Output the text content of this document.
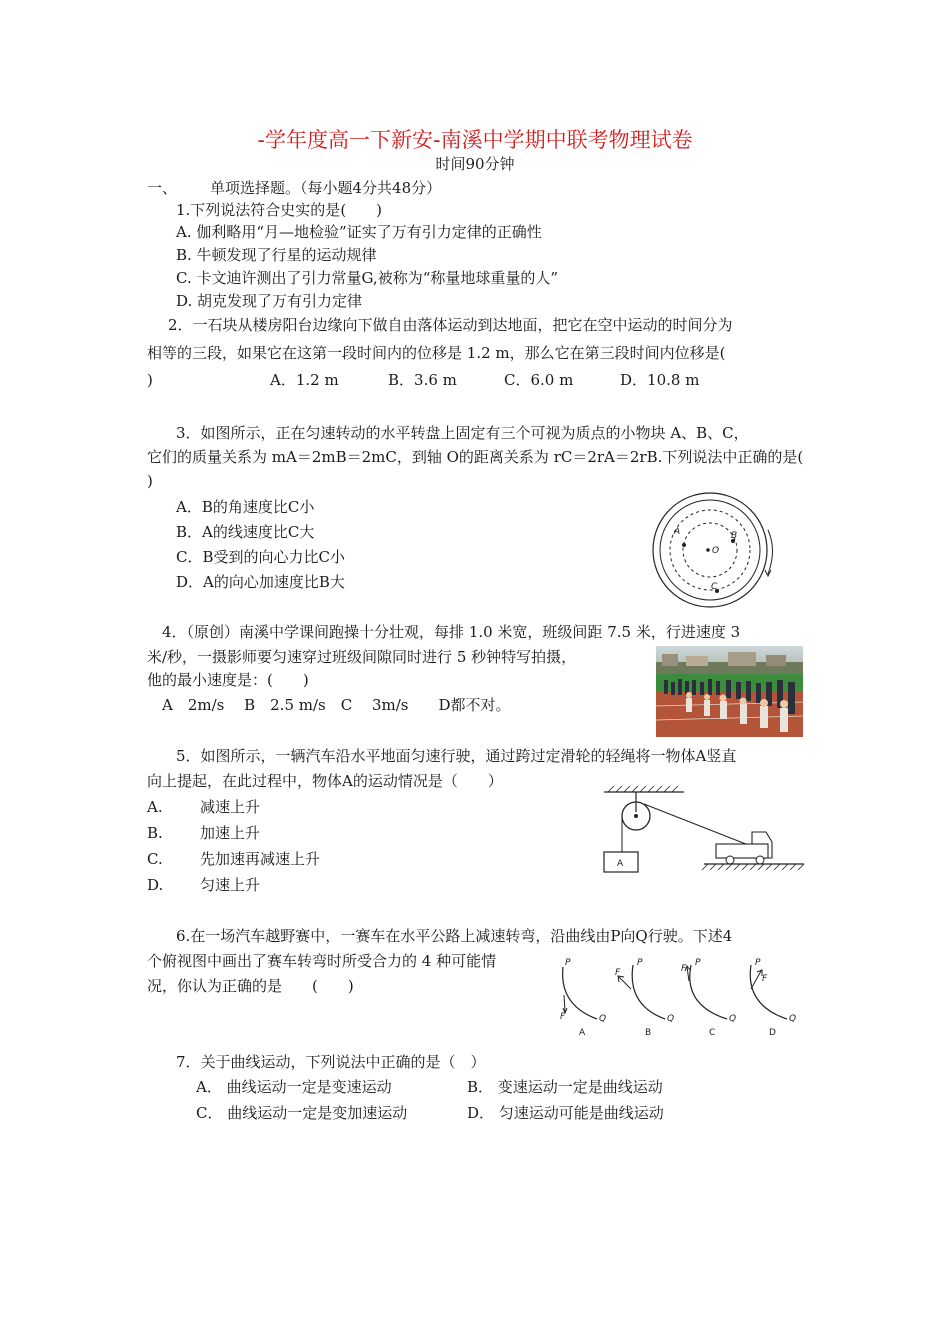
-学年度高一下新安-南溪中学期中联考物理试卷
时间90分钟
一、 单项选择题。（每小题4分共48分）
1.下列说法符合史实的是(　　)
A. 伽利略用“月—地检验”证实了万有引力定律的正确性
B. 牛顿发现了行星的运动规律
C. 卡文迪许测出了引力常量G,被称为“称量地球重量的人”
D. 胡克发现了万有引力定律
2．一石块从楼房阳台边缘向下做自由落体运动到达地面，把它在空中运动的时间分为
相等的三段，如果它在这第一段时间内的位移是 1.2 m，那么它在第三段时间内位移是(
)	A．1.2 m	B．3.6 m	C．6.0 m	D．10.8 m
3．如图所示，正在匀速转动的水平转盘上固定有三个可视为质点的小物块 A、B、C，
它们的质量关系为 mA＝2mB＝2mC，到轴 O的距离关系为 rC＝2rA＝2rB.下列说法中正确的是(
)
A．B的角速度比C小
B．A的线速度比C大
C．B受到的向心力比C小
D．A的向心加速度比B大
A	B
C
O
4．（原创）南溪中学课间跑操十分壮观，每排 1.0 米宽，班级间距 7.5 米，行进速度 3
米/秒，一摄影师要匀速穿过班级间隙同时进行 5 秒钟特写拍摄，
他的最小速度是：(　　)
A　2m/s　 B　2.5 m/s　C　 3m/s　　D都不对。
5．如图所示，一辆汽车沿水平地面匀速行驶，通过跨过定滑轮的轻绳将一物体A竖直
向上提起，在此过程中，物体A的运动情况是（　　）
A. 减速上升
B. 加速上升
C. 先加速再减速上升
D. 匀速上升
A
6.在一场汽车越野赛中，一赛车在水平公路上减速转弯，沿曲线由P向Q行驶。下述4
个俯视图中画出了赛车转弯时所受合力的 4 种可能情
况，你认为正确的是　　(　　)
P
Q
F
A
P
Q
F
B
P
Q
F
C
P
Q
F
D
7．关于曲线运动，下列说法中正确的是（　）
A． 曲线运动一定是变速运动	B． 变速运动一定是曲线运动
C． 曲线运动一定是变加速运动	D． 匀速运动可能是曲线运动
